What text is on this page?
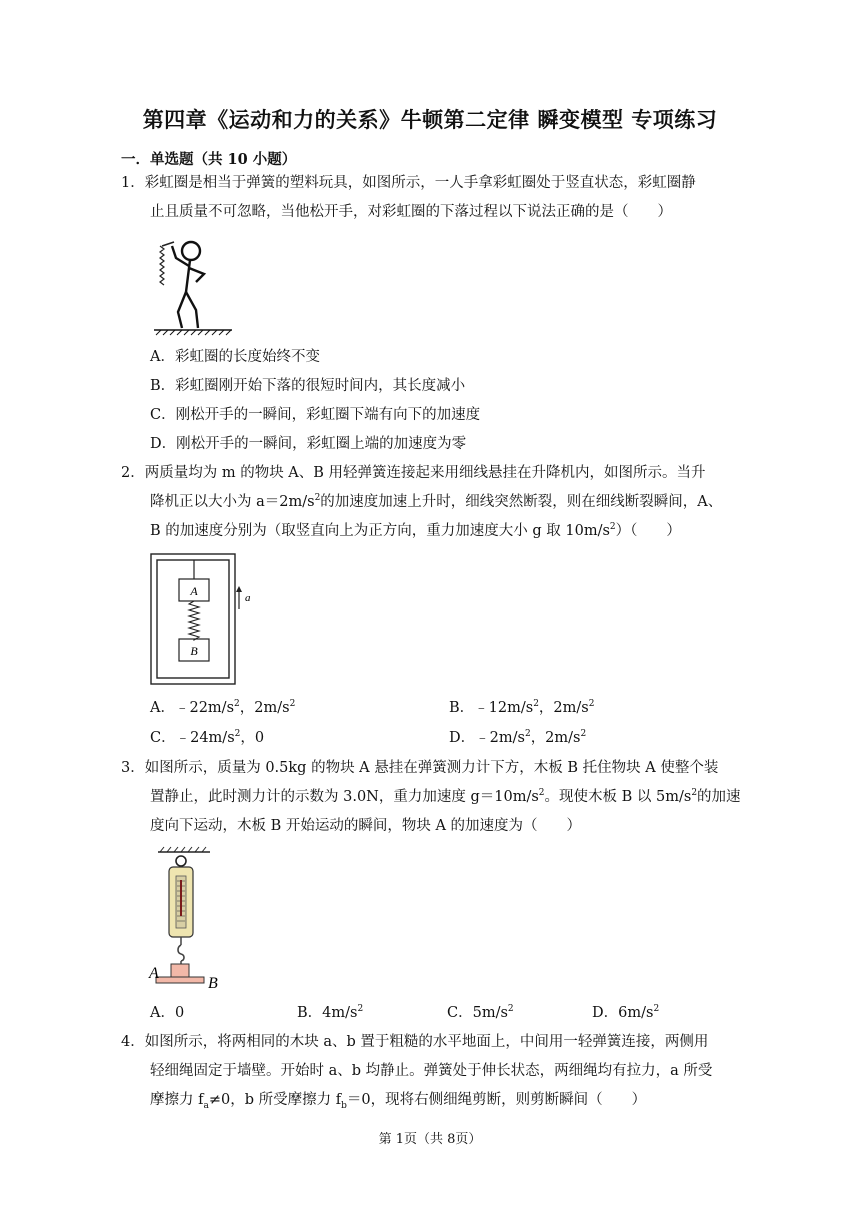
第四章《运动和力的关系》牛顿第二定律 瞬变模型 专项练习
一．单选题（共 10 小题）
1．彩虹圈是相当于弹簧的塑料玩具，如图所示，一人手拿彩虹圈处于竖直状态，彩虹圈静
止且质量不可忽略，当他松开手，对彩虹圈的下落过程以下说法正确的是（　　）
A．彩虹圈的长度始终不变
B．彩虹圈刚开始下落的很短时间内，其长度减小
C．刚松开手的一瞬间，彩虹圈下端有向下的加速度
D．刚松开手的一瞬间，彩虹圈上端的加速度为零
2．两质量均为 m 的物块 A、B 用轻弹簧连接起来用细线悬挂在升降机内，如图所示。当升
降机正以大小为 $a=2m/s^2$的加速度加速上升时，细线突然断裂，则在细线断裂瞬间，A、
B 的加速度分别为（取竖直向上为正方向，重力加速度大小 g 取 $10m/s^2$）（　　）
A
B
a
A．$﹣22m/s^2$，$2m/s^2$	B．$﹣12m/s^2$，$2m/s^2$
C．$﹣24m/s^2$，0	D．$﹣2m/s^2$，$2m/s^2$
3．如图所示，质量为 0.5kg 的物块 A 悬挂在弹簧测力计下方，木板 B 托住物块 A 使整个装
置静止，此时测力计的示数为 3.0N，重力加速度 $g=10m/s^2$。现使木板 B 以 $5m/s^2$的加速
度向下运动，木板 B 开始运动的瞬间，物块 A 的加速度为（　　）
A
B
A．0	B．$4m/s^2$	C．$5m/s^2$	D．$6m/s^2$
4．如图所示，将两相同的木块 a、b 置于粗糙的水平地面上，中间用一轻弹簧连接，两侧用
轻细绳固定于墙壁。开始时 a、b 均静止。弹簧处于伸长状态，两细绳均有拉力，a 所受
摩擦力 $f_a\ne 0$，b 所受摩擦力 $f_b=0$，现将右侧细绳剪断，则剪断瞬间（　　）
第 1页（共 8页）
